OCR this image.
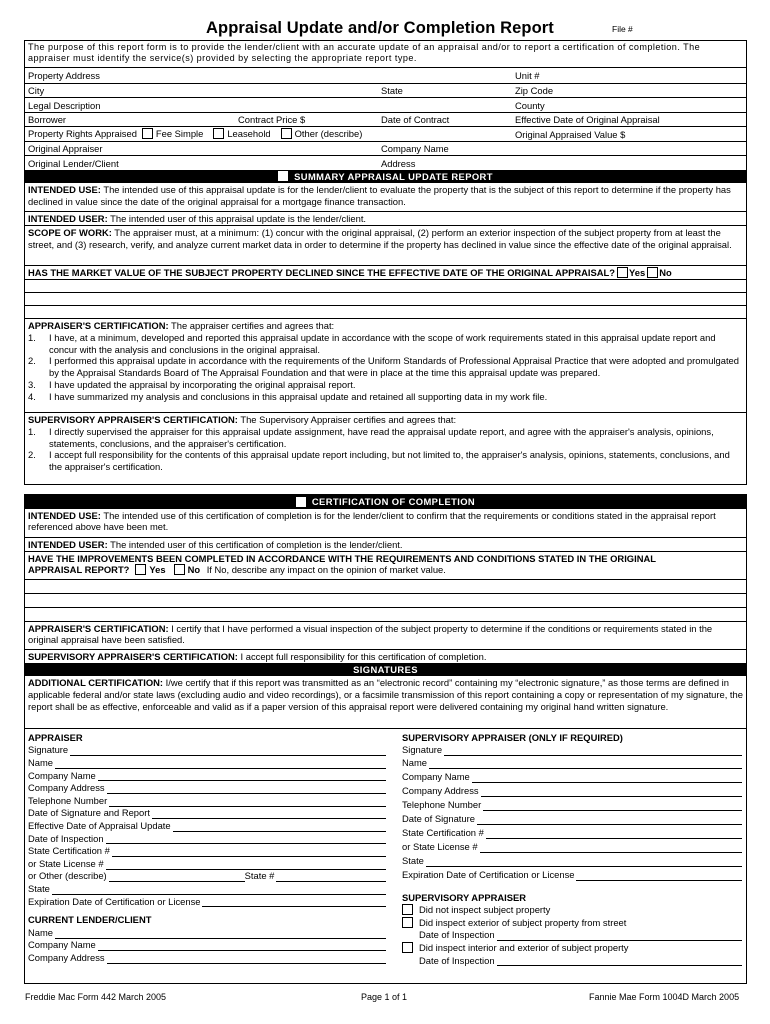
Appraisal Update and/or Completion Report	File #
The purpose of this report form is to provide the lender/client with an accurate update of an appraisal and/or to report a certification of completion. The appraiser must identify the service(s) provided by selecting the appropriate report type.
Property Address	Unit #
City	State	Zip Code
Legal Description	County
Borrower	Contract Price $	Date of Contract	Effective Date of Original Appraisal
Property Rights Appraised Fee Simple	Leasehold	Other (describe)	Original Appraised Value $
Original Appraiser	Company Name
Original Lender/Client	Address
SUMMARY APPRAISAL UPDATE REPORT
INTENDED USE: The intended use of this appraisal update is for the lender/client to evaluate the property that is the subject of this report to determine if the property has declined in value since the date of the original appraisal for a mortgage finance transaction.
INTENDED USER: The intended user of this appraisal update is the lender/client.
SCOPE OF WORK: The appraiser must, at a minimum: (1) concur with the original appraisal, (2) perform an exterior inspection of the subject property from at least the street, and (3) research, verify, and analyze current market data in order to determine if the property has declined in value since the effective date of the original appraisal.
HAS THE MARKET VALUE OF THE SUBJECT PROPERTY DECLINED SINCE THE EFFECTIVE DATE OF THE ORIGINAL APPRAISAL? Yes No
APPRAISER'S CERTIFICATION: The appraiser certifies and agrees that:
1.	I have, at a minimum, developed and reported this appraisal update in accordance with the scope of work requirements stated in this appraisal update report and concur with the analysis and conclusions in the original appraisal.
2.	I performed this appraisal update in accordance with the requirements of the Uniform Standards of Professional Appraisal Practice that were adopted and promulgated by the Appraisal Standards Board of The Appraisal Foundation and that were in place at the time this appraisal update was prepared.
3.	I have updated the appraisal by incorporating the original appraisal report.
4.	I have summarized my analysis and conclusions in this appraisal update and retained all supporting data in my work file.
SUPERVISORY APPRAISER'S CERTIFICATION: The Supervisory Appraiser certifies and agrees that:
1.	I directly supervised the appraiser for this appraisal update assignment, have read the appraisal update report, and agree with the appraiser's analysis, opinions, statements, conclusions, and the appraiser's certification.
2.	I accept full responsibility for the contents of this appraisal update report including, but not limited to, the appraiser's analysis, opinions, statements, conclusions, and the appraiser's certification.
CERTIFICATION OF COMPLETION
INTENDED USE: The intended use of this certification of completion is for the lender/client to confirm that the requirements or conditions stated in the appraisal report referenced above have been met.
INTENDED USER: The intended user of this certification of completion is the lender/client.
HAVE THE IMPROVEMENTS BEEN COMPLETED IN ACCORDANCE WITH THE REQUIREMENTS AND CONDITIONS STATED IN THE ORIGINAL
APPRAISAL REPORT? Yes No If No, describe any impact on the opinion of market value.
APPRAISER'S CERTIFICATION: I certify that I have performed a visual inspection of the subject property to determine if the conditions or requirements stated in the original appraisal have been satisfied.
SUPERVISORY APPRAISER'S CERTIFICATION: I accept full responsibility for this certification of completion.
SIGNATURES
ADDITIONAL CERTIFICATION: I/we certify that if this report was transmitted as an “electronic record” containing my “electronic signature,” as those terms are defined in applicable federal and/or state laws (excluding audio and video recordings), or a facsimile transmission of this report containing a copy or representation of my signature, the report shall be as effective, enforceable and valid as if a paper version of this appraisal report were delivered containing my original hand written signature.
APPRAISER
Signature
Name
Company Name
Company Address
Telephone Number
Date of Signature and Report
Effective Date of Appraisal Update
Date of Inspection
State Certification #
or State License #
or Other (describe)	State #
State
Expiration Date of Certification or License
CURRENT LENDER/CLIENT
Name
Company Name
Company Address
SUPERVISORY APPRAISER (ONLY IF REQUIRED)
Signature
Name
Company Name
Company Address
Telephone Number
Date of Signature
State Certification #
or State License #
State
Expiration Date of Certification or License
SUPERVISORY APPRAISER
Did not inspect subject property
Did inspect exterior of subject property from street
Date of Inspection
Did inspect interior and exterior of subject property
Date of Inspection
Freddie Mac Form 442 March 2005	Page 1 of 1	Fannie Mae Form 1004D March 2005
